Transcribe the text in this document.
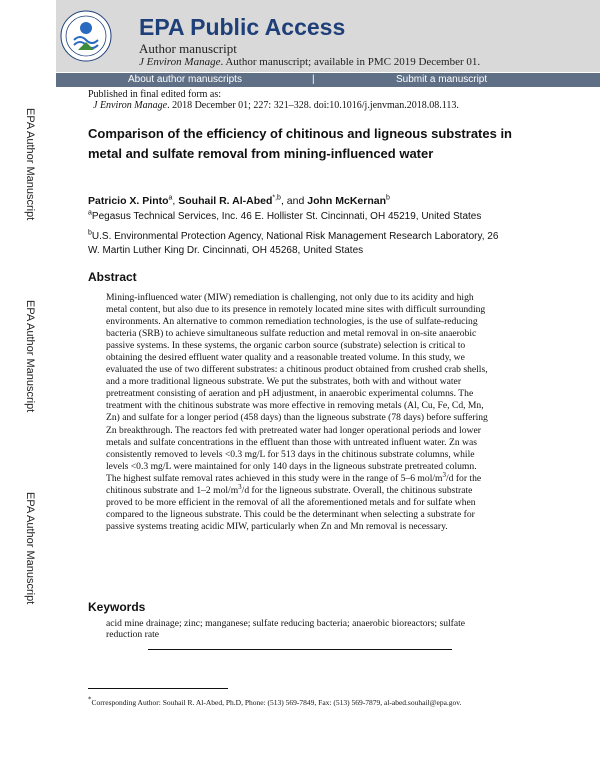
EPA Public Access
Author manuscript
J Environ Manage. Author manuscript; available in PMC 2019 December 01.
About author manuscripts	|	Submit a manuscript
EPA Author Manuscript
EPA Author Manuscript
EPA Author Manuscript
Published in final edited form as:
J Environ Manage. 2018 December 01; 227: 321–328. doi:10.1016/j.jenvman.2018.08.113.
Comparison of the efficiency of chitinous and ligneous substrates in metal and sulfate removal from mining-influenced water
Patricio X. Pinto$^a$, Souhail R. Al-Abed$^{*,b}$, and John McKernan$^b$
$^a$Pegasus Technical Services, Inc. 46 E. Hollister St. Cincinnati, OH 45219, United States
$^b$U.S. Environmental Protection Agency, National Risk Management Research Laboratory, 26 W. Martin Luther King Dr. Cincinnati, OH 45268, United States
Abstract

Mining-influenced water (MIW) remediation is challenging, not only due to its acidity and high metal content, but also due to its presence in remotely located mine sites with difficult surrounding environments. An alternative to common remediation technologies, is the use of sulfate-reducing bacteria (SRB) to achieve simultaneous sulfate reduction and metal removal in on-site anaerobic passive systems. In these systems, the organic carbon source (substrate) selection is critical to obtaining the desired effluent water quality and a reasonable treated volume. In this study, we evaluated the use of two different substrates: a chitinous product obtained from crushed crab shells, and a more traditional ligneous substrate. We put the substrates, both with and without water pretreatment consisting of aeration and pH adjustment, in anaerobic experimental columns. The treatment with the chitinous substrate was more effective in removing metals (Al, Cu, Fe, Cd, Mn, Zn) and sulfate for a longer period (458 days) than the ligneous substrate (78 days) before suffering Zn breakthrough. The reactors fed with pretreated water had longer operational periods and lower metals and sulfate concentrations in the effluent than those with untreated influent water. Zn was consistently removed to levels <0.3 mg/L for 513 days in the chitinous substrate columns, while levels <0.3 mg/L were maintained for only 140 days in the ligneous substrate pretreated column. The highest sulfate removal rates achieved in this study were in the range of 5–6 mol/$m^3/d$ for the chitinous substrate and 1–2 mol/$m^3/d$ for the ligneous substrate. Overall, the chitinous substrate proved to be more efficient in the removal of all the aforementioned metals and for sulfate when compared to the ligneous substrate. This could be the determinant when selecting a substrate for passive systems treating acidic MIW, particularly when Zn and Mn removal is necessary.

Keywords

acid mine drainage; zinc; manganese; sulfate reducing bacteria; anaerobic bioreactors; sulfate reduction rate

*Corresponding Author: Souhail R. Al-Abed, Ph.D, Phone: (513) 569-7849, Fax: (513) 569-7879, al-abed.souhail@epa.gov.
